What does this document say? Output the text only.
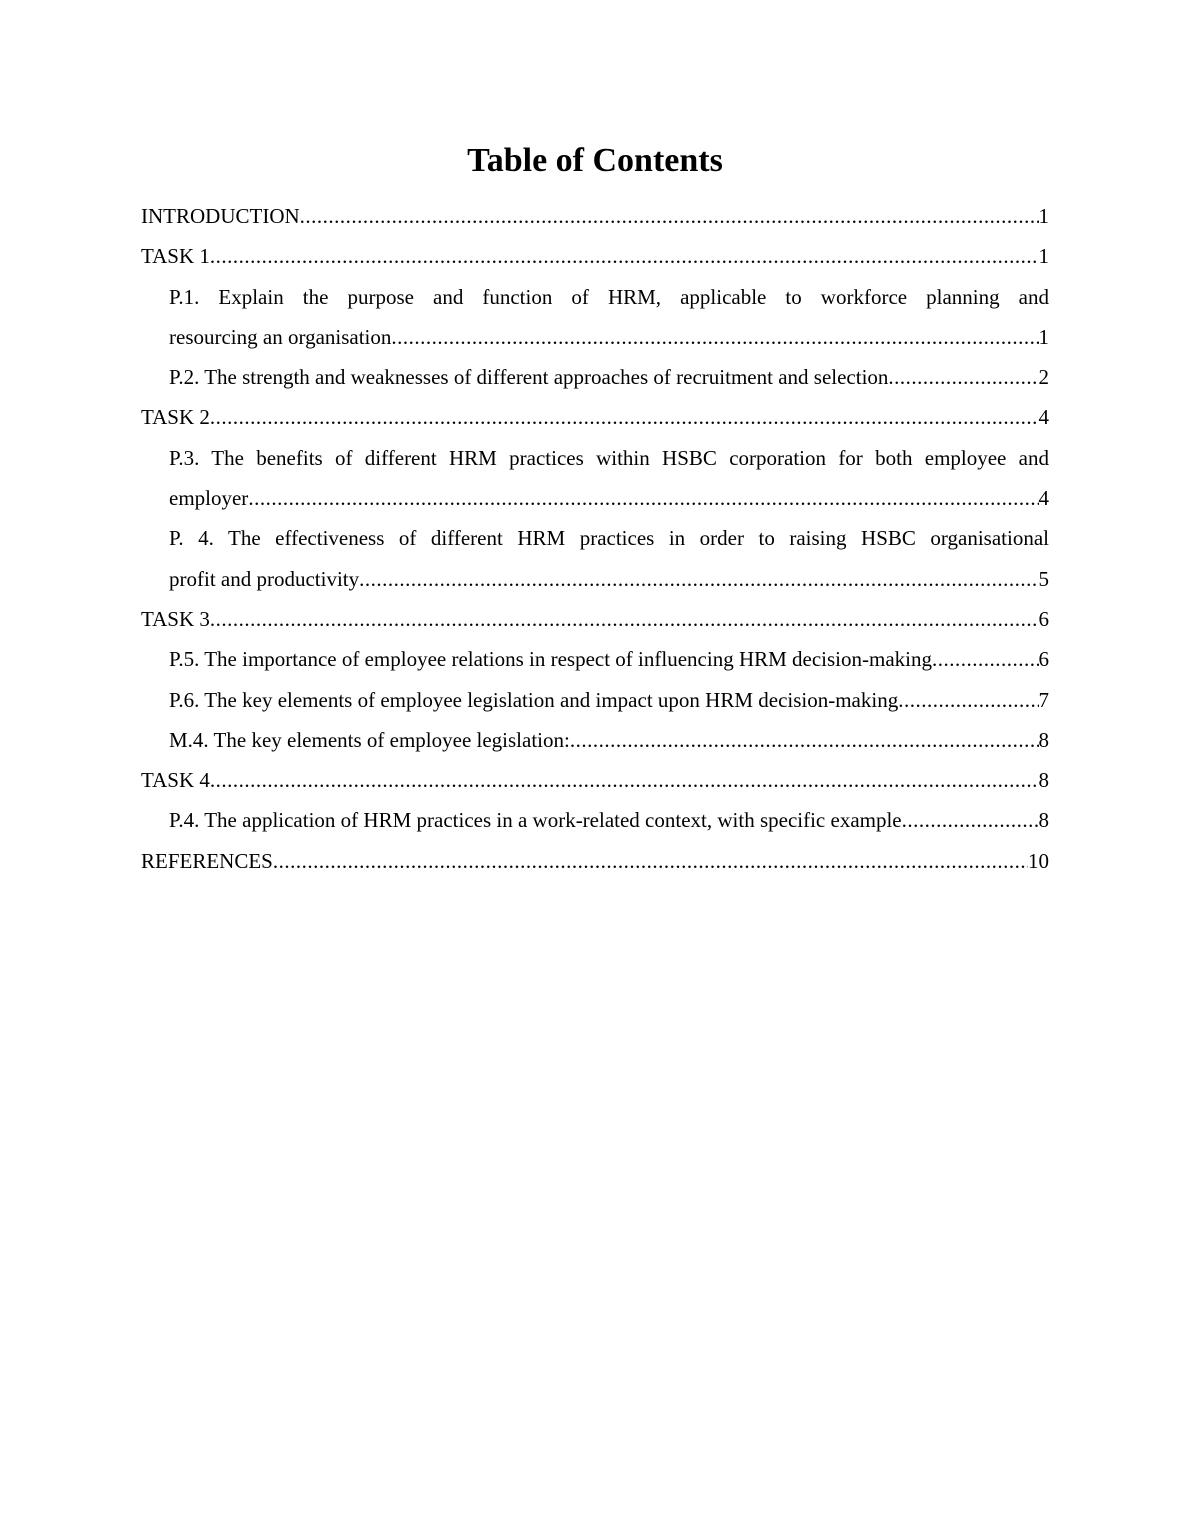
Table of Contents
INTRODUCTION .....	1
TASK 1 .....	1
P.1. Explain the purpose and function of HRM, applicable to workforce planning and
resourcing an organisation .....	1
P.2. The strength and weaknesses of different approaches of recruitment and selection .....	2
TASK 2 .....	4
P.3. The benefits of different HRM practices within HSBC corporation for both employee and
employer .....	4
P. 4. The effectiveness of different HRM practices in order to raising HSBC organisational
profit and productivity .....	5
TASK 3 .....	6
P.5. The importance of employee relations in respect of influencing HRM decision-making .....	6
P.6. The key elements of employee legislation and impact upon HRM decision-making .....	7
M.4. The key elements of employee legislation: .....	8
TASK 4 .....	8
P.4. The application of HRM practices in a work-related context, with specific example .....	8
REFERENCES .....	10
